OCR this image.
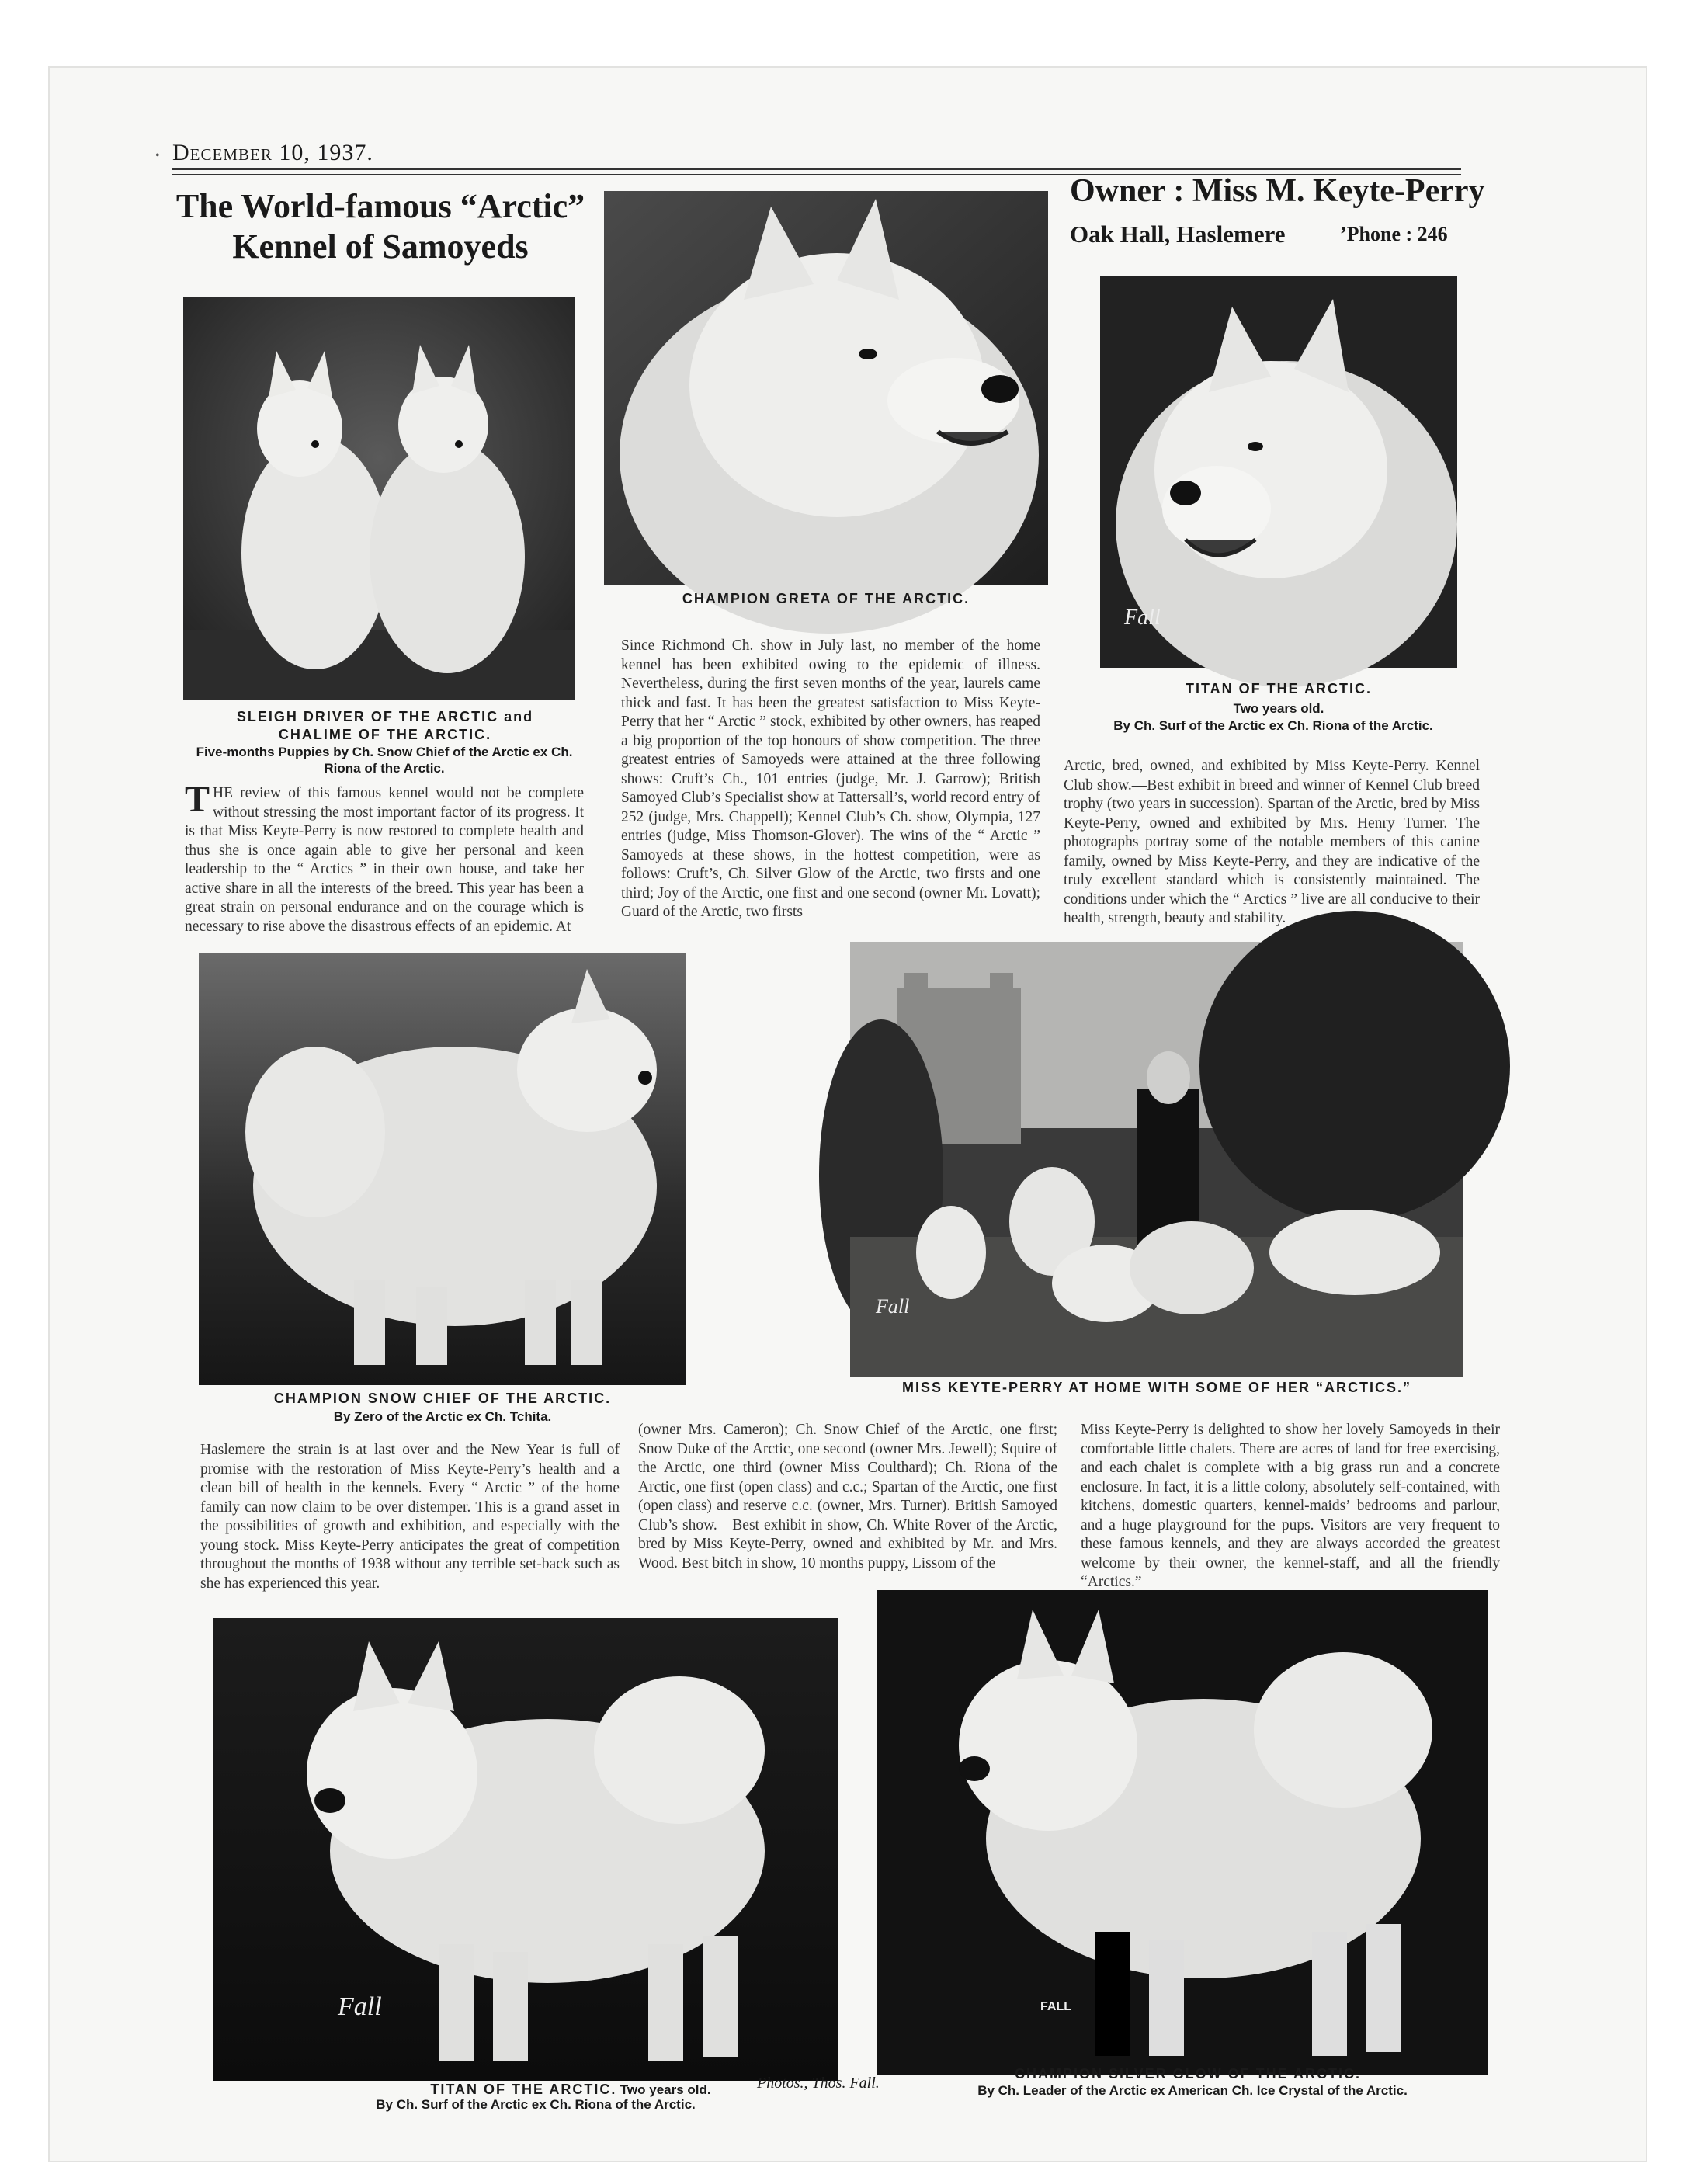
• December 10, 1937.
The World-famous “Arctic” Kennel of Samoyeds
Owner : Miss M. Keyte-Perry
Oak Hall, Haslemere	’Phone : 246
SLEIGH DRIVER OF THE ARCTIC and CHALIME OF THE ARCTIC.
Five-months Puppies by Ch. Snow Chief of the Arctic ex Ch. Riona of the Arctic.
CHAMPION GRETA OF THE ARCTIC.
Fall
TITAN OF THE ARCTIC.
Two years old.
By Ch. Surf of the Arctic ex Ch. Riona of the Arctic.
THE review of this famous kennel would not be complete without stressing the most important factor of its progress. It is that Miss Keyte-Perry is now restored to complete health and thus she is once again able to give her personal and keen leadership to the “ Arctics ” in their own house, and take her active share in all the interests of the breed. This year has been a great strain on personal endurance and on the courage which is necessary to rise above the disastrous effects of an epidemic. At
Since Richmond Ch. show in July last, no member of the home kennel has been exhibited owing to the epidemic of illness. Nevertheless, during the first seven months of the year, laurels came thick and fast. It has been the greatest satisfaction to Miss Keyte-Perry that her “ Arctic ” stock, exhibited by other owners, has reaped a big proportion of the top honours of show competition. The three greatest entries of Samoyeds were attained at the three following shows: Cruft’s Ch., 101 entries (judge, Mr. J. Garrow); British Samoyed Club’s Specialist show at Tattersall’s, world record entry of 252 (judge, Mrs. Chappell); Kennel Club’s Ch. show, Olympia, 127 entries (judge, Miss Thomson-Glover). The wins of the “ Arctic ” Samoyeds at these shows, in the hottest competition, were as follows: Cruft’s, Ch. Silver Glow of the Arctic, two firsts and one third; Joy of the Arctic, one first and one second (owner Mr. Lovatt); Guard of the Arctic, two firsts
Arctic, bred, owned, and exhibited by Miss Keyte-Perry. Kennel Club show.—Best exhibit in breed and winner of Kennel Club breed trophy (two years in succession). Spartan of the Arctic, bred by Miss Keyte-Perry, owned and exhibited by Mrs. Henry Turner. The photographs portray some of the notable members of this canine family, owned by Miss Keyte-Perry, and they are indicative of the truly excellent standard which is consistently maintained. The conditions under which the “ Arctics ” live are all conducive to their health, strength, beauty and stability.
CHAMPION SNOW CHIEF OF THE ARCTIC.
By Zero of the Arctic ex Ch. Tchita.
Fall
MISS KEYTE-PERRY AT HOME WITH SOME OF HER “ARCTICS.”
Haslemere the strain is at last over and the New Year is full of promise with the restoration of Miss Keyte-Perry’s health and a clean bill of health in the kennels. Every “ Arctic ” of the home family can now claim to be over distemper. This is a grand asset in the possibilities of growth and exhibition, and especially with the young stock. Miss Keyte-Perry anticipates the great of competition throughout the months of 1938 without any terrible set-back such as she has experienced this year.
(owner Mrs. Cameron); Ch. Snow Chief of the Arctic, one first; Snow Duke of the Arctic, one second (owner Mrs. Jewell); Squire of the Arctic, one third (owner Miss Coulthard); Ch. Riona of the Arctic, one first (open class) and c.c.; Spartan of the Arctic, one first (open class) and reserve c.c. (owner, Mrs. Turner). British Samoyed Club’s show.—Best exhibit in show, Ch. White Rover of the Arctic, bred by Miss Keyte-Perry, owned and exhibited by Mr. and Mrs. Wood. Best bitch in show, 10 months puppy, Lissom of the
Miss Keyte-Perry is delighted to show her lovely Samoyeds in their comfortable little chalets. There are acres of land for free exercising, and each chalet is complete with a big grass run and a concrete enclosure. In fact, it is a little colony, absolutely self-contained, with kitchens, domestic quarters, kennel-maids’ bedrooms and parlour, and a huge playground for the pups. Visitors are very frequent to these famous kennels, and they are always accorded the greatest welcome by their owner, the kennel-staff, and all the friendly “Arctics.”
Fall	FALL
TITAN OF THE ARCTIC. Two years old.
By Ch. Surf of the Arctic ex Ch. Riona of the Arctic.
Photos., Thos. Fall.
CHAMPION SILVER GLOW OF THE ARCTIC.
By Ch. Leader of the Arctic ex American Ch. Ice Crystal of the Arctic.
